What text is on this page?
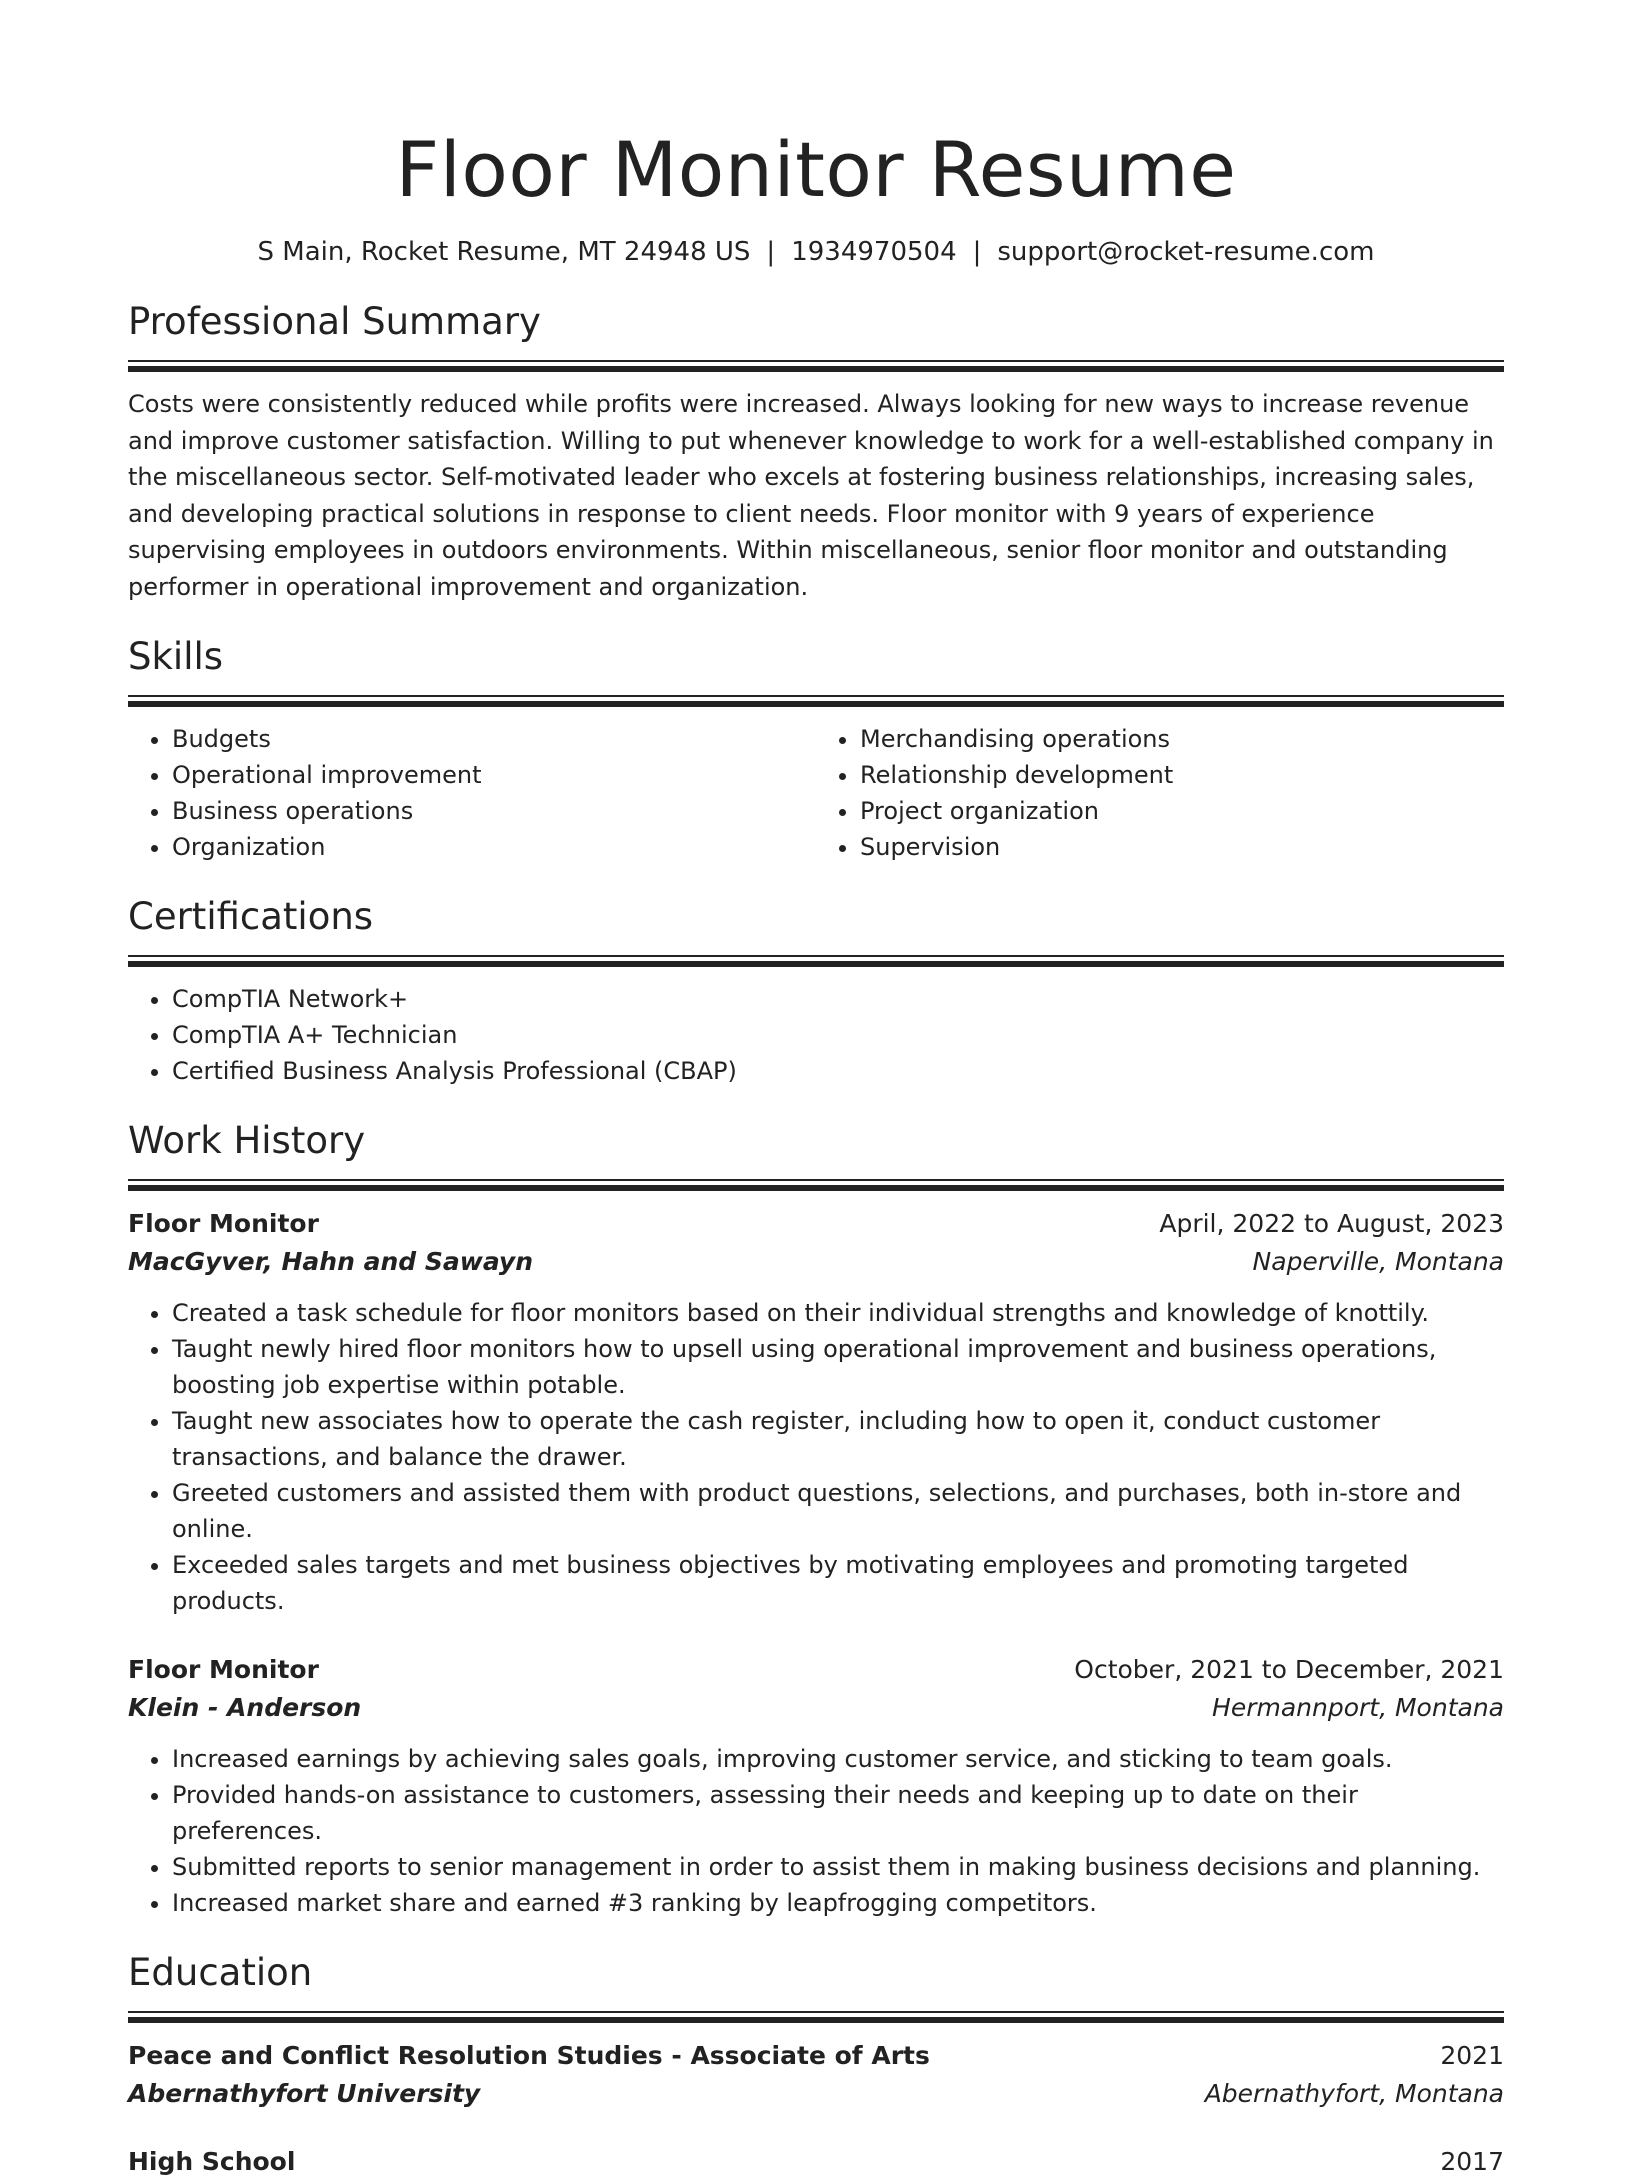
Floor Monitor Resume
S Main, Rocket Resume, MT 24948 US | 1934970504 | support@rocket-resume.com
Professional Summary

Costs were consistently reduced while profits were increased. Always looking for new ways to increase revenue and improve customer satisfaction. Willing to put whenever knowledge to work for a well-established company in the miscellaneous sector. Self-motivated leader who excels at fostering business relationships, increasing sales, and developing practical solutions in response to client needs. Floor monitor with 9 years of experience supervising employees in outdoors environments. Within miscellaneous, senior floor monitor and outstanding performer in operational improvement and organization.

Skills
• Budgets
• Operational improvement
• Business operations
• Organization
• Merchandising operations
• Relationship development
• Project organization
• Supervision
Certifications
• CompTIA Network+
• CompTIA A+ Technician
• Certified Business Analysis Professional (CBAP)
Work History
Floor Monitor	April, 2022 to August, 2023
MacGyver, Hahn and Sawayn	Naperville, Montana
• Created a task schedule for floor monitors based on their individual strengths and knowledge of knottily.
• Taught newly hired floor monitors how to upsell using operational improvement and business operations, boosting job expertise within potable.
• Taught new associates how to operate the cash register, including how to open it, conduct customer transactions, and balance the drawer.
• Greeted customers and assisted them with product questions, selections, and purchases, both in-store and online.
• Exceeded sales targets and met business objectives by motivating employees and promoting targeted products.
Floor Monitor	October, 2021 to December, 2021
Klein - Anderson	Hermannport, Montana
• Increased earnings by achieving sales goals, improving customer service, and sticking to team goals.
• Provided hands-on assistance to customers, assessing their needs and keeping up to date on their preferences.
• Submitted reports to senior management in order to assist them in making business decisions and planning.
• Increased market share and earned #3 ranking by leapfrogging competitors.
Education
Peace and Conflict Resolution Studies - Associate of Arts	2021
Abernathyfort University	Abernathyfort, Montana
High School	2017
